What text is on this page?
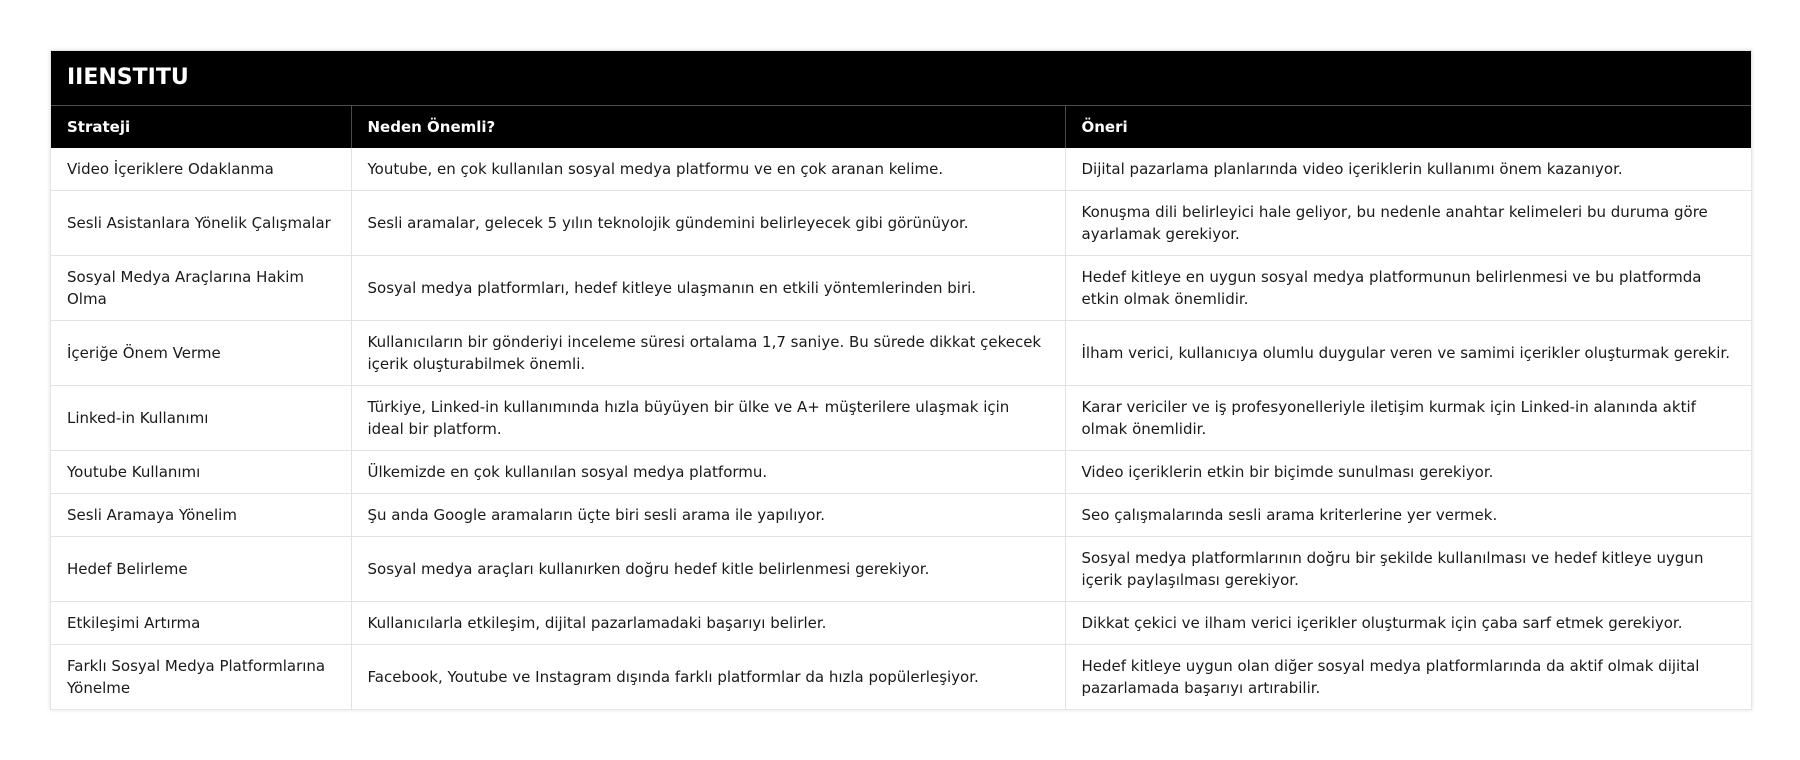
IIENSTITU
Strateji	Neden Önemli?	Öneri
Video İçeriklere Odaklanma	Youtube, en çok kullanılan sosyal medya platformu ve en çok aranan kelime.	Dijital pazarlama planlarında video içeriklerin kullanımı önem kazanıyor.
Sesli Asistanlara Yönelik Çalışmalar	Sesli aramalar, gelecek 5 yılın teknolojik gündemini belirleyecek gibi görünüyor.	Konuşma dili belirleyici hale geliyor, bu nedenle anahtar kelimeleri bu duruma göre ayarlamak gerekiyor.
Sosyal Medya Araçlarına Hakim Olma	Sosyal medya platformları, hedef kitleye ulaşmanın en etkili yöntemlerinden biri.	Hedef kitleye en uygun sosyal medya platformunun belirlenmesi ve bu platformda etkin olmak önemlidir.
İçeriğe Önem Verme	Kullanıcıların bir gönderiyi inceleme süresi ortalama 1,7 saniye. Bu sürede dikkat çekecek içerik oluşturabilmek önemli.	İlham verici, kullanıcıya olumlu duygular veren ve samimi içerikler oluşturmak gerekir.
Linked-in Kullanımı	Türkiye, Linked-in kullanımında hızla büyüyen bir ülke ve A+ müşterilere ulaşmak için ideal bir platform.	Karar vericiler ve iş profesyonelleriyle iletişim kurmak için Linked-in alanında aktif olmak önemlidir.
Youtube Kullanımı	Ülkemizde en çok kullanılan sosyal medya platformu.	Video içeriklerin etkin bir biçimde sunulması gerekiyor.
Sesli Aramaya Yönelim	Şu anda Google aramaların üçte biri sesli arama ile yapılıyor.	Seo çalışmalarında sesli arama kriterlerine yer vermek.
Hedef Belirleme	Sosyal medya araçları kullanırken doğru hedef kitle belirlenmesi gerekiyor.	Sosyal medya platformlarının doğru bir şekilde kullanılması ve hedef kitleye uygun içerik paylaşılması gerekiyor.
Etkileşimi Artırma	Kullanıcılarla etkileşim, dijital pazarlamadaki başarıyı belirler.	Dikkat çekici ve ilham verici içerikler oluşturmak için çaba sarf etmek gerekiyor.
Farklı Sosyal Medya Platformlarına Yönelme	Facebook, Youtube ve Instagram dışında farklı platformlar da hızla popülerleşiyor.	Hedef kitleye uygun olan diğer sosyal medya platformlarında da aktif olmak dijital pazarlamada başarıyı artırabilir.
